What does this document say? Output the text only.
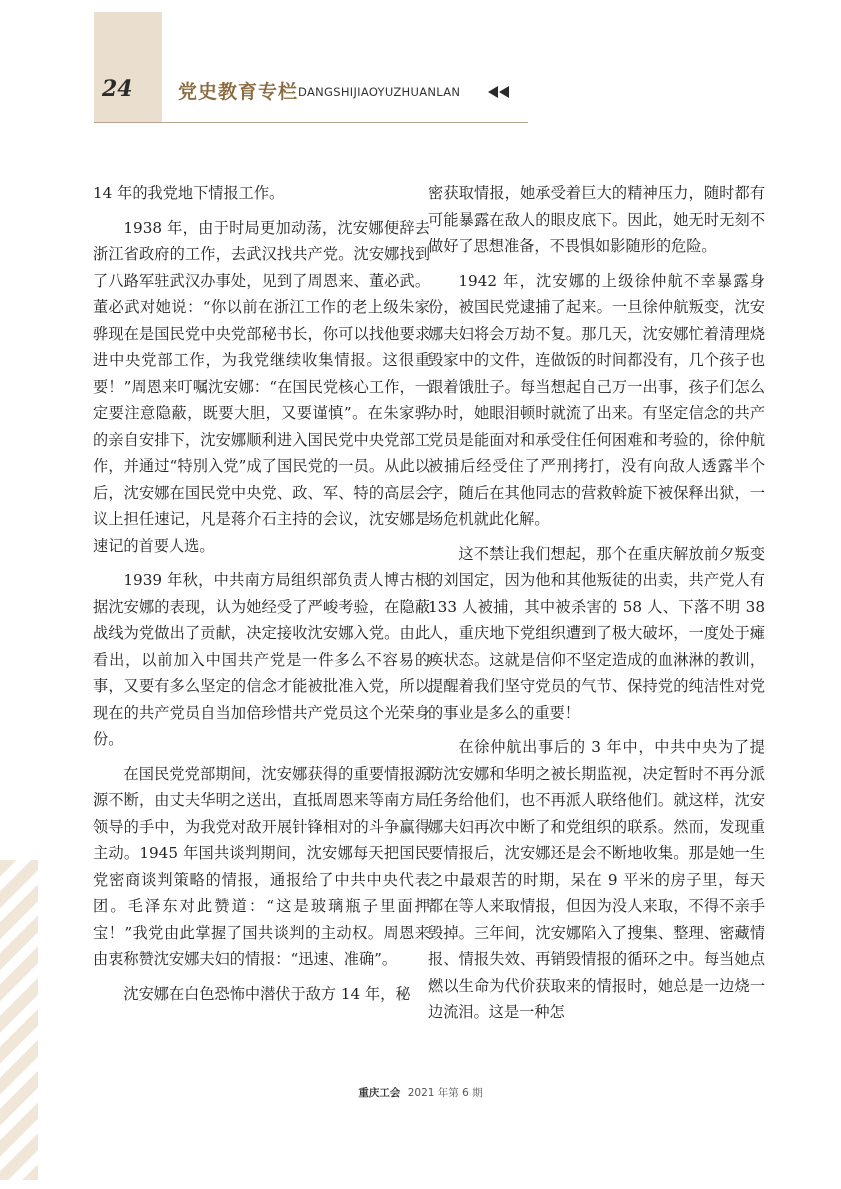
24 党史教育专栏 DANGSHIJIAOYUZHUANLAN

14 年的我党地下情报工作。

1938 年，由于时局更加动荡，沈安娜便辞去浙江省政府的工作，去武汉找共产党。沈安娜找到了八路军驻武汉办事处，见到了周恩来、董必武。董必武对她说：“你以前在浙江工作的老上级朱家骅现在是国民党中央党部秘书长，你可以找他要求进中央党部工作，为我党继续收集情报。这很重要！”周恩来叮嘱沈安娜：“在国民党核心工作，一定要注意隐蔽，既要大胆，又要谨慎”。在朱家骅的亲自安排下，沈安娜顺利进入国民党中央党部工作，并通过“特別入党”成了国民党的一员。从此以后，沈安娜在国民党中央党、政、军、特的高层会议上担任速记，凡是蒋介石主持的会议，沈安娜是速记的首要人选。

1939 年秋，中共南方局组织部负责人博古根据沈安娜的表现，认为她经受了严峻考验，在隐蔽战线为党做出了贡献，决定接收沈安娜入党。由此看出，以前加入中国共产党是一件多么不容易的事，又要有多么坚定的信念才能被批准入党，所以现在的共产党员自当加倍珍惜共产党员这个光荣身份。

在国民党党部期间，沈安娜获得的重要情报源源不断，由丈夫华明之送出，直抵周恩来等南方局领导的手中，为我党对敌开展针锋相对的斗争赢得主动。1945 年国共谈判期间，沈安娜每天把国民党密商谈判策略的情报，通报给了中共中央代表团。毛泽东对此赞道：“这是玻璃瓶子里面押宝！”我党由此掌握了国共谈判的主动权。周恩来由衷称赞沈安娜夫妇的情报：“迅速、准确”。

沈安娜在白色恐怖中潜伏于敌方 14 年，秘

密获取情报，她承受着巨大的精神压力，随时都有可能暴露在敌人的眼皮底下。因此，她无时无刻不做好了思想准备，不畏惧如影随形的危险。

1942 年，沈安娜的上级徐仲航不幸暴露身份，被国民党逮捕了起来。一旦徐仲航叛变，沈安娜夫妇将会万劫不复。那几天，沈安娜忙着清理烧毁家中的文件，连做饭的时间都没有，几个孩子也跟着饿肚子。每当想起自己万一出事，孩子们怎么办时，她眼泪顿时就流了出来。有坚定信念的共产党员是能面对和承受住任何困难和考验的，徐仲航被捕后经受住了严刑拷打，没有向敌人透露半个字，随后在其他同志的营救斡旋下被保释出狱，一场危机就此化解。

这不禁让我们想起，那个在重庆解放前夕叛变的刘国定，因为他和其他叛徒的出卖，共产党人有 133 人被捕，其中被杀害的 58 人、下落不明 38 人，重庆地下党组织遭到了极大破坏，一度处于瘫痪状态。这就是信仰不坚定造成的血淋淋的教训，提醒着我们坚守党员的气节、保持党的纯洁性对党的事业是多么的重要！

在徐仲航出事后的 3 年中，中共中央为了提防沈安娜和华明之被长期监视，决定暂时不再分派任务给他们，也不再派人联络他们。就这样，沈安娜夫妇再次中断了和党组织的联系。然而，发现重要情报后，沈安娜还是会不断地收集。那是她一生之中最艰苦的时期，呆在 9 平米的房子里，每天都在等人来取情报，但因为没人来取，不得不亲手毁掉。三年间，沈安娜陷入了搜集、整理、密藏情报、情报失效、再销毁情报的循环之中。每当她点燃以生命为代价获取来的情报时，她总是一边烧一边流泪。这是一种怎

重庆工会 2021 年第 6 期
